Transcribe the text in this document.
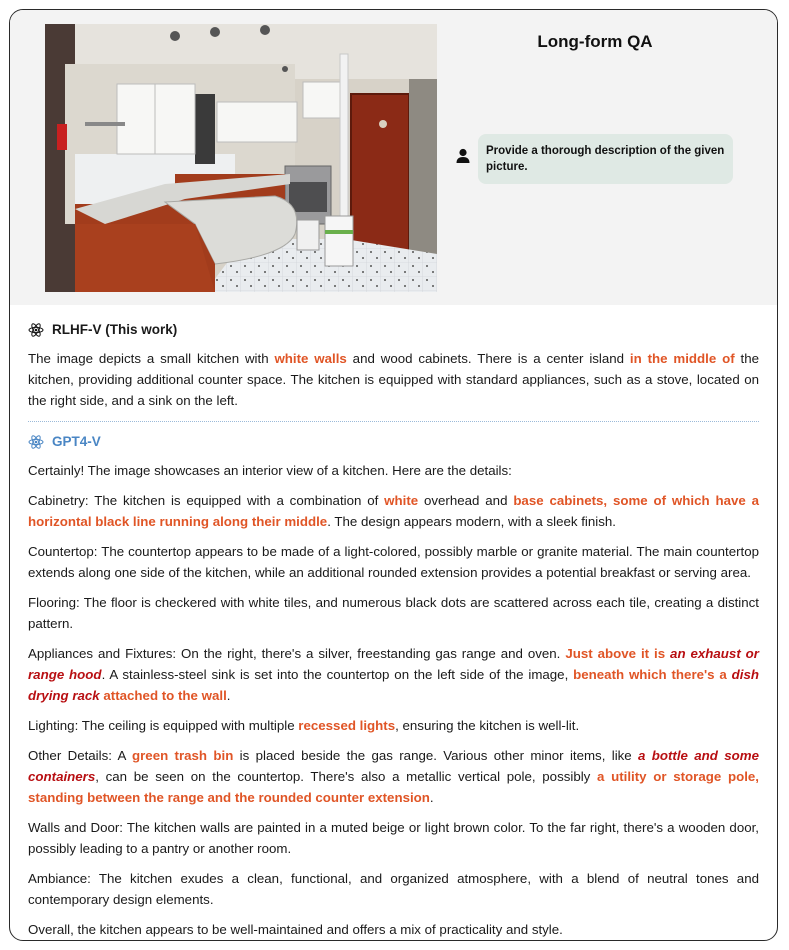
Long-form QA
Provide a thorough description of the given picture.
RLHF-V (This work)

The image depicts a small kitchen with white walls and wood cabinets. There is a center island in the middle of the kitchen, providing additional counter space. The kitchen is equipped with standard appliances, such as a stove, located on the right side, and a sink on the left.

GPT4-V

Certainly! The image showcases an interior view of a kitchen. Here are the details:

Cabinetry: The kitchen is equipped with a combination of white overhead and base cabinets, some of which have a horizontal black line running along their middle. The design appears modern, with a sleek finish.

Countertop: The countertop appears to be made of a light-colored, possibly marble or granite material. The main countertop extends along one side of the kitchen, while an additional rounded extension provides a potential breakfast or serving area.

Flooring: The floor is checkered with white tiles, and numerous black dots are scattered across each tile, creating a distinct pattern.

Appliances and Fixtures: On the right, there's a silver, freestanding gas range and oven. Just above it is an exhaust or range hood. A stainless-steel sink is set into the countertop on the left side of the image, beneath which there's a dish drying rack attached to the wall.

Lighting: The ceiling is equipped with multiple recessed lights, ensuring the kitchen is well-lit.

Other Details: A green trash bin is placed beside the gas range. Various other minor items, like a bottle and some containers, can be seen on the countertop. There's also a metallic vertical pole, possibly a utility or storage pole, standing between the range and the rounded counter extension.

Walls and Door: The kitchen walls are painted in a muted beige or light brown color. To the far right, there's a wooden door, possibly leading to a pantry or another room.

Ambiance: The kitchen exudes a clean, functional, and organized atmosphere, with a blend of neutral tones and contemporary design elements.

Overall, the kitchen appears to be well-maintained and offers a mix of practicality and style.
